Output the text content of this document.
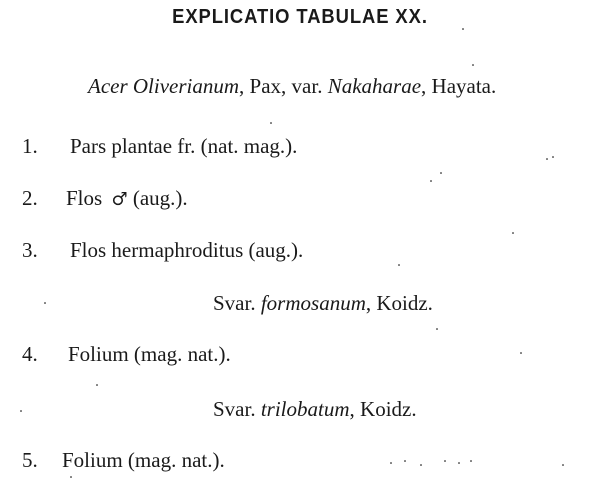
EXPLICATIO TABULAE XX.
Acer Oliverianum, Pax, var. Nakaharae, Hayata.
1. Pars plantae fr. (nat. mag.).
2. Flos ♂ (aug.).
3. Flos hermaphroditus (aug.).
Svar. formosanum, Koidz.
4. Folium (mag. nat.).
Svar. trilobatum, Koidz.
5. Folium (mag. nat.).
